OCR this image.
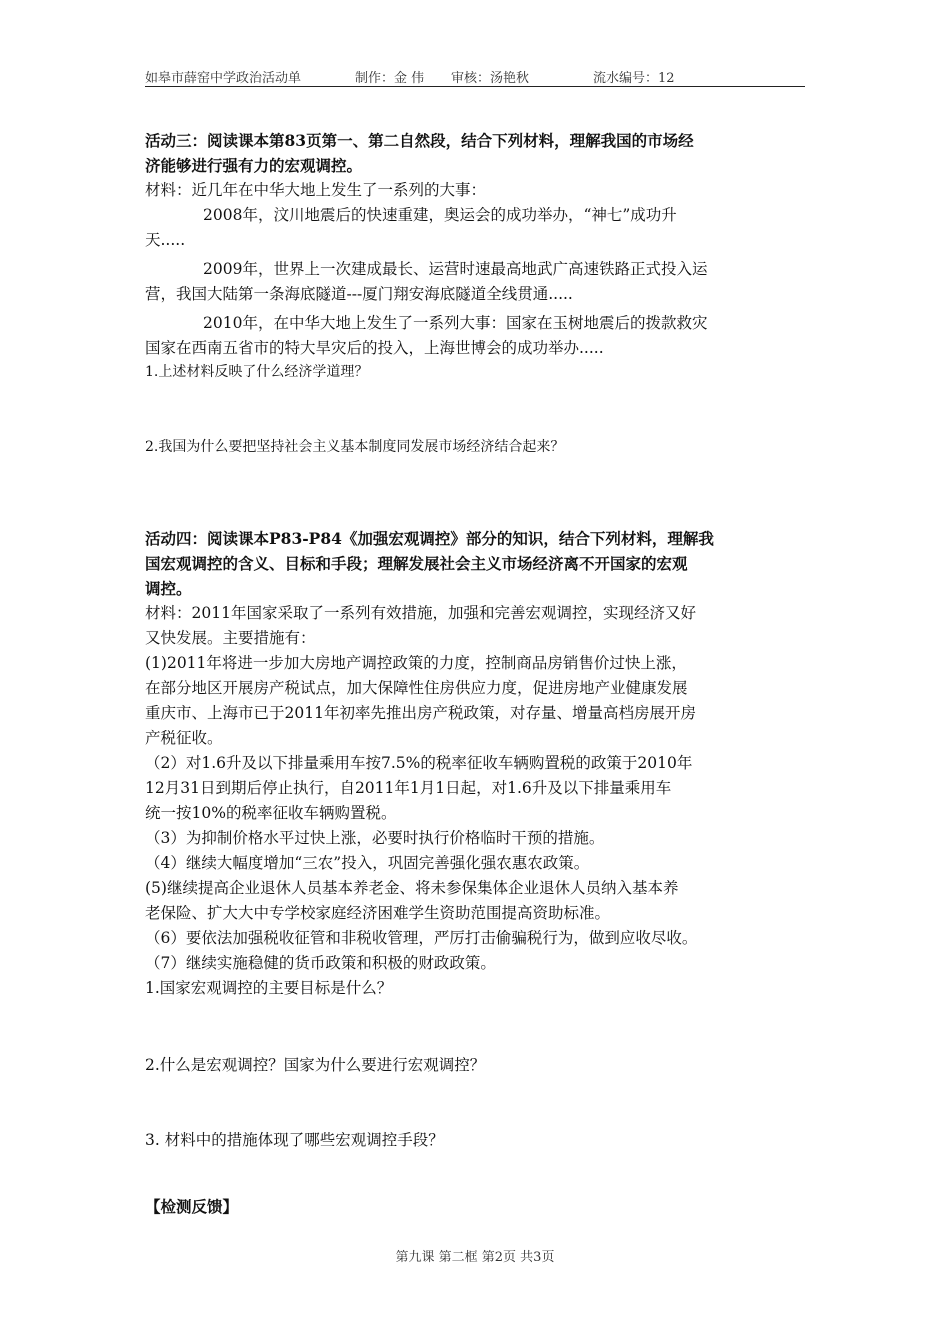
如皋市薛窑中学政治活动单	制作：金 伟 审核：汤艳秋	流水编号：12

活动三：阅读课本第83页第一、第二自然段，结合下列材料，理解我国的市场经

济能够进行强有力的宏观调控。

材料：近几年在中华大地上发生了一系列的大事：

2008年，汶川地震后的快速重建，奥运会的成功举办，“神七”成功升

天.....

2009年，世界上一次建成最长、运营时速最高地武广高速铁路正式投入运

营，我国大陆第一条海底隧道---厦门翔安海底隧道全线贯通.....

2010年，在中华大地上发生了一系列大事：国家在玉树地震后的拨款救灾

国家在西南五省市的特大旱灾后的投入，上海世博会的成功举办.....

1.上述材料反映了什么经济学道理？

2.我国为什么要把坚持社会主义基本制度同发展市场经济结合起来？

活动四：阅读课本P83-P84《加强宏观调控》部分的知识，结合下列材料，理解我

国宏观调控的含义、目标和手段；理解发展社会主义市场经济离不开国家的宏观

调控。

材料：2011年国家采取了一系列有效措施，加强和完善宏观调控，实现经济又好

又快发展。主要措施有：

(1)2011年将进一步加大房地产调控政策的力度，控制商品房销售价过快上涨，

在部分地区开展房产税试点，加大保障性住房供应力度，促进房地产业健康发展

重庆市、上海市已于2011年初率先推出房产税政策，对存量、增量高档房展开房

产税征收。

（2）对1.6升及以下排量乘用车按7.5%的税率征收车辆购置税的政策于2010年

12月31日到期后停止执行，自2011年1月1日起，对1.6升及以下排量乘用车

统一按10%的税率征收车辆购置税。

（3）为抑制价格水平过快上涨，必要时执行价格临时干预的措施。

（4）继续大幅度增加“三农”投入，巩固完善强化强农惠农政策。

(5)继续提高企业退休人员基本养老金、将未参保集体企业退休人员纳入基本养

老保险、扩大大中专学校家庭经济困难学生资助范围提高资助标准。

（6）要依法加强税收征管和非税收管理，严厉打击偷骗税行为，做到应收尽收。

（7）继续实施稳健的货币政策和积极的财政政策。

1.国家宏观调控的主要目标是什么？

2.什么是宏观调控？国家为什么要进行宏观调控？

3. 材料中的措施体现了哪些宏观调控手段？

【检测反馈】

第九课 第二框 第2页 共3页
